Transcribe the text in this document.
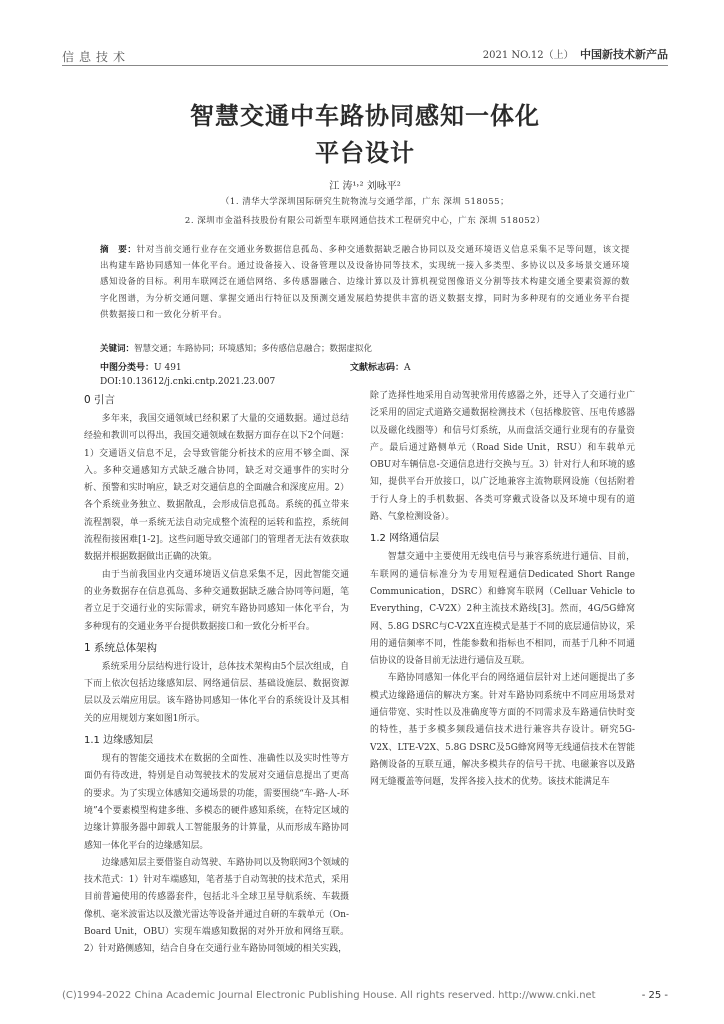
信息技术	2021 NO.12（上） 中国新技术新产品
智慧交通中车路协同感知一体化
平台设计
江 涛¹˒² 刘咏平²
（1. 清华大学深圳国际研究生院物流与交通学部，广东 深圳 518055；
2. 深圳市金溢科技股份有限公司新型车联网通信技术工程研究中心，广东 深圳 518052）
摘　要：针对当前交通行业存在交通业务数据信息孤岛、多种交通数据缺乏融合协同以及交通环境语义信息采集不足等问题，该文提出构建车路协同感知一体化平台。通过设备接入、设备管理以及设备协同等技术，实现统一接入多类型、多协议以及多场景交通环境感知设备的目标。利用车联网泛在通信网络、多传感器融合、边缘计算以及计算机视觉图像语义分割等技术构建交通全要素资源的数字化图谱，为分析交通问题、掌握交通出行特征以及预测交通发展趋势提供丰富的语义数据支撑，同时为多种现有的交通业务平台提供数据接口和一致化分析平台。
关键词：智慧交通；车路协同；环境感知；多传感信息融合；数据虚拟化
中图分类号：U 491	文献标志码：A
DOI:10.13612/j.cnki.cntp.2021.23.007
0 引言

多年来，我国交通领域已经积累了大量的交通数据。通过总结经验和教训可以得出，我国交通领域在数据方面存在以下2个问题：1）交通语义信息不足，会导致管能分析技术的应用不够全面、深入。多种交通感知方式缺乏融合协同，缺乏对交通事件的实时分析、预警和实时响应，缺乏对交通信息的全面融合和深度应用。2）各个系统业务独立、数据散乱，会形成信息孤岛。系统的孤立带来流程割裂，单一系统无法自动完成整个流程的运转和监控，系统间流程衔接困难[1-2]。这些问题导致交通部门的管理者无法有效获取数据并根据数据做出正确的决策。

由于当前我国业内交通环境语义信息采集不足，因此智能交通的业务数据存在信息孤岛、多种交通数据缺乏融合协同等问题，笔者立足于交通行业的实际需求，研究车路协同感知一体化平台，为多种现有的交通业务平台提供数据接口和一致化分析平台。

1 系统总体架构

系统采用分层结构进行设计，总体技术架构由5个层次组成，自下而上依次包括边缘感知层、网络通信层、基础设施层、数据资源层以及云端应用层。该车路协同感知一体化平台的系统设计及其相关的应用规划方案如图1所示。

1.1 边缘感知层

现有的智能交通技术在数据的全面性、准确性以及实时性等方面仍有待改进，特别是自动驾驶技术的发展对交通信息提出了更高的要求。为了实现立体感知交通场景的功能，需要围绕“车-路-人-环境”4个要素模型构建多维、多模态的硬件感知系统，在特定区域的边缘计算服务器中卸载人工智能服务的计算量，从而形成车路协同感知一体化平台的边缘感知层。

边缘感知层主要借鉴自动驾驶、车路协同以及物联网3个领域的技术范式：1）针对车端感知，笔者基于自动驾驶的技术范式，采用目前普遍使用的传感器套件，包括北斗全球卫星导航系统、车载摄像机、毫米波雷达以及激光雷达等设备并通过自研的车载单元（On-Board Unit，OBU）实现车端感知数据的对外开放和网络互联。2）针对路侧感知，结合自身在交通行业车路协同领域的相关实践，

除了选择性地采用自动驾驶常用传感器之外，还导入了交通行业广泛采用的固定式道路交通数据检测技术（包括橡胶管、压电传感器以及磁化线圈等）和信号灯系统，从而盘活交通行业现有的存量资产。最后通过路侧单元（Road Side Unit，RSU）和车载单元OBU对车辆信息-交通信息进行交换与互。3）针对行人和环境的感知，提供平台开放接口，以广泛地兼容主流物联网设施（包括附着于行人身上的手机数据、各类可穿戴式设备以及环境中现有的道路、气象检测设备）。

1.2 网络通信层

智慧交通中主要使用无线电信号与兼容系统进行通信、目前，车联网的通信标准分为专用短程通信Dedicated Short Range Communication，DSRC）和蜂窝车联网（Celluar Vehicle to Everything，C-V2X）2种主流技术路线[3]。然而，4G/5G蜂窝网、5.8G DSRC与C-V2X直连模式是基于不同的底层通信协议，采用的通信频率不同，性能参数和指标也不相同，而基于几种不同通信协议的设备目前无法进行通信及互联。

车路协同感知一体化平台的网络通信层针对上述问题提出了多模式边缘路通信的解决方案。针对车路协同系统中不同应用场景对通信带宽、实时性以及准确度等方面的不同需求及车路通信快时变的特性，基于多模多频段通信技术进行兼容共存设计。研究5G-V2X、LTE-V2X、5.8G DSRC及5G蜂窝网等无线通信技术在智能路侧设备的互联互通，解决多模共存的信号干扰、电磁兼容以及路网无缝覆盖等问题，发挥各接入技术的优势。该技术能满足车

(C)1994-2022 China Academic Journal Electronic Publishing House. All rights reserved. http://www.cnki.net	- 25 -
